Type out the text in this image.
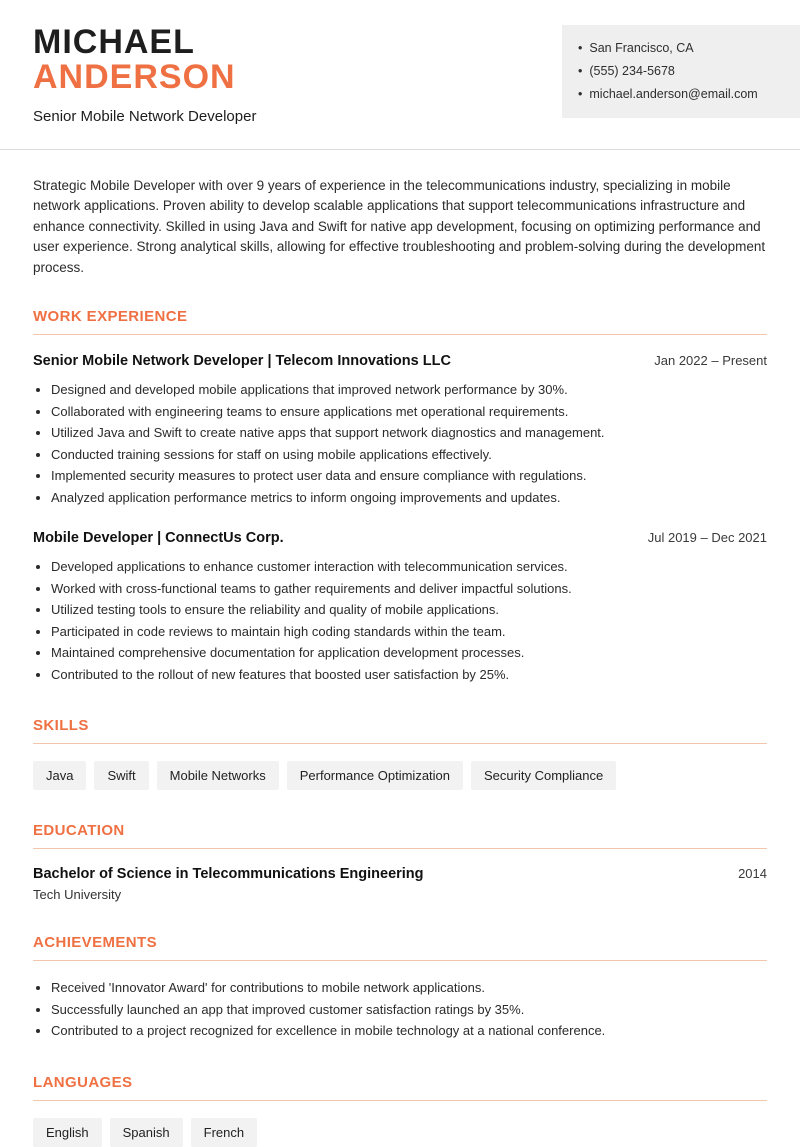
MICHAEL
ANDERSON
Senior Mobile Network Developer
• San Francisco, CA
• (555) 234-5678
• michael.anderson@email.com
Strategic Mobile Developer with over 9 years of experience in the telecommunications industry, specializing in mobile network applications. Proven ability to develop scalable applications that support telecommunications infrastructure and enhance connectivity. Skilled in using Java and Swift for native app development, focusing on optimizing performance and user experience. Strong analytical skills, allowing for effective troubleshooting and problem-solving during the development process.
WORK EXPERIENCE
Senior Mobile Network Developer | Telecom Innovations LLC	Jan 2022 – Present
• Designed and developed mobile applications that improved network performance by 30%.
• Collaborated with engineering teams to ensure applications met operational requirements.
• Utilized Java and Swift to create native apps that support network diagnostics and management.
• Conducted training sessions for staff on using mobile applications effectively.
• Implemented security measures to protect user data and ensure compliance with regulations.
• Analyzed application performance metrics to inform ongoing improvements and updates.
Mobile Developer | ConnectUs Corp.	Jul 2019 – Dec 2021
• Developed applications to enhance customer interaction with telecommunication services.
• Worked with cross-functional teams to gather requirements and deliver impactful solutions.
• Utilized testing tools to ensure the reliability and quality of mobile applications.
• Participated in code reviews to maintain high coding standards within the team.
• Maintained comprehensive documentation for application development processes.
• Contributed to the rollout of new features that boosted user satisfaction by 25%.
SKILLS
Java	Swift	Mobile Networks	Performance Optimization	Security Compliance
EDUCATION
Bachelor of Science in Telecommunications Engineering	2014
Tech University
ACHIEVEMENTS
• Received 'Innovator Award' for contributions to mobile network applications.
• Successfully launched an app that improved customer satisfaction ratings by 35%.
• Contributed to a project recognized for excellence in mobile technology at a national conference.
LANGUAGES
English	Spanish	French
